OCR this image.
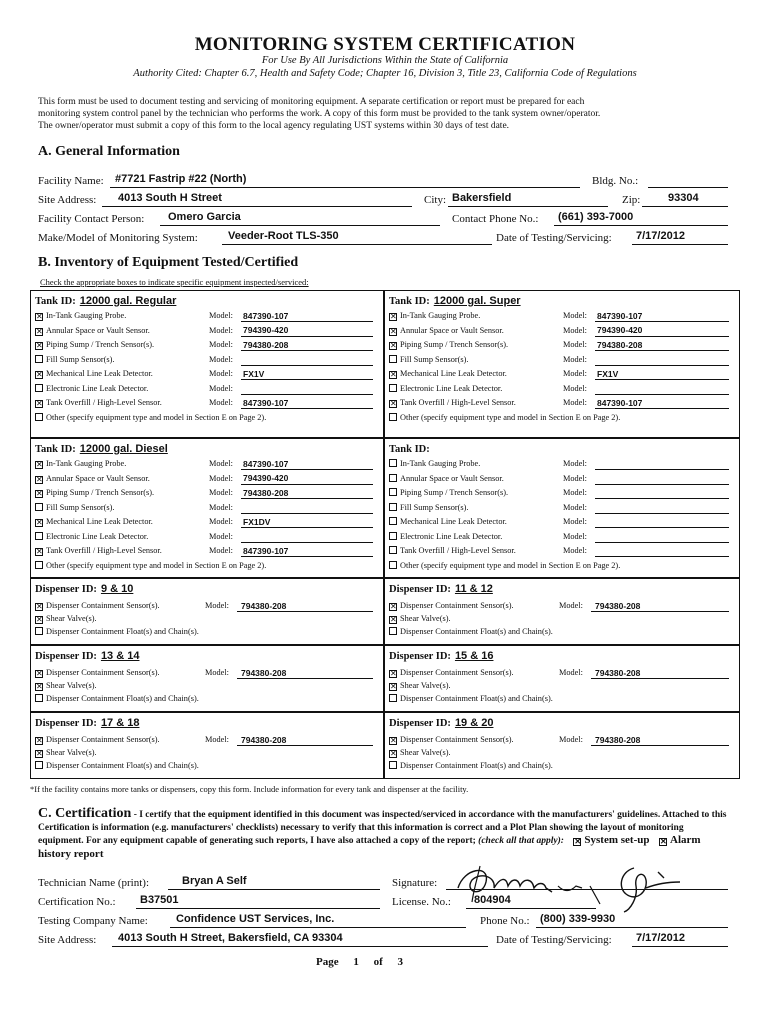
MONITORING SYSTEM CERTIFICATION
For Use By All Jurisdictions Within the State of California
Authority Cited: Chapter 6.7, Health and Safety Code; Chapter 16, Division 3, Title 23, California Code of Regulations
This form must be used to document testing and servicing of monitoring equipment. A separate certification or report must be prepared for each
monitoring system control panel by the technician who performs the work. A copy of this form must be provided to the tank system owner/operator.
The owner/operator must submit a copy of this form to the local agency regulating UST systems within 30 days of test date.
A. General Information
Facility Name: #7721 Fastrip #22 (North)	Bldg. No.:
Site Address: 4013 South H Street	City: Bakersfield	Zip:	93304
Facility Contact Person: Omero Garcia	Contact Phone No.: (661) 393-7000
Make/Model of Monitoring System:	Veeder-Root TLS-350	Date of Testing/Servicing: 7/17/2012
B. Inventory of Equipment Tested/Certified
Check the appropriate boxes to indicate specific equipment inspected/serviced:
Tank ID: 12000 gal. Regular
✕ In-Tank Gauging Probe.	Model: 847390-107
✕ Annular Space or Vault Sensor.	Model: 794390-420
✕ Piping Sump / Trench Sensor(s).	Model: 794380-208
Fill Sump Sensor(s).	Model:
✕ Mechanical Line Leak Detector.	Model: FX1V
Electronic Line Leak Detector.	Model:
✕ Tank Overfill / High-Level Sensor.	Model: 847390-107
Other (specify equipment type and model in Section E on Page 2).
Tank ID: 12000 gal. Super
✕ In-Tank Gauging Probe.	Model: 847390-107
✕ Annular Space or Vault Sensor.	Model: 794390-420
✕ Piping Sump / Trench Sensor(s).	Model: 794380-208
Fill Sump Sensor(s).	Model:
✕ Mechanical Line Leak Detector.	Model: FX1V
Electronic Line Leak Detector.	Model:
✕ Tank Overfill / High-Level Sensor.	Model: 847390-107
Other (specify equipment type and model in Section E on Page 2).
Tank ID: 12000 gal. Diesel
✕ In-Tank Gauging Probe.	Model: 847390-107
✕ Annular Space or Vault Sensor.	Model: 794390-420
✕ Piping Sump / Trench Sensor(s).	Model: 794380-208
Fill Sump Sensor(s).	Model:
✕ Mechanical Line Leak Detector.	Model: FX1DV
Electronic Line Leak Detector.	Model:
✕ Tank Overfill / High-Level Sensor.	Model: 847390-107
Other (specify equipment type and model in Section E on Page 2).
Tank ID:
In-Tank Gauging Probe.	Model:
Annular Space or Vault Sensor.	Model:
Piping Sump / Trench Sensor(s).	Model:
Fill Sump Sensor(s).	Model:
Mechanical Line Leak Detector.	Model:
Electronic Line Leak Detector.	Model:
Tank Overfill / High-Level Sensor.	Model:
Other (specify equipment type and model in Section E on Page 2).
Dispenser ID: 9 & 10
✕ Dispenser Containment Sensor(s).	Model: 794380-208
✕ Shear Valve(s).
Dispenser Containment Float(s) and Chain(s).
Dispenser ID: 11 & 12
✕ Dispenser Containment Sensor(s).	Model: 794380-208
✕ Shear Valve(s).
Dispenser Containment Float(s) and Chain(s).
Dispenser ID: 13 & 14
✕ Dispenser Containment Sensor(s).	Model: 794380-208
✕ Shear Valve(s).
Dispenser Containment Float(s) and Chain(s).
Dispenser ID: 15 & 16
✕ Dispenser Containment Sensor(s).	Model: 794380-208
✕ Shear Valve(s).
Dispenser Containment Float(s) and Chain(s).
Dispenser ID: 17 & 18
✕ Dispenser Containment Sensor(s).	Model: 794380-208
✕ Shear Valve(s).
Dispenser Containment Float(s) and Chain(s).
Dispenser ID: 19 & 20
✕ Dispenser Containment Sensor(s).	Model: 794380-208
✕ Shear Valve(s).
Dispenser Containment Float(s) and Chain(s).
*If the facility contains more tanks or dispensers, copy this form. Include information for every tank and dispenser at the facility.
C. Certification - I certify that the equipment identified in this document was inspected/serviced in accordance with the manufacturers' guidelines. Attached to this Certification is information (e.g. manufacturers' checklists) necessary to verify that this information is correct and a Plot Plan showing the layout of monitoring equipment. For any equipment capable of generating such reports, I have also attached a copy of the report; (check all that apply): ✕ System set-up ✕ Alarm history report
Technician Name (print):	Bryan A Self	Signature:
Certification No.: B37501	License. No.: 804904
Testing Company Name:	Confidence UST Services, Inc.	Phone No.: (800) 339-9930
Site Address: 4013 South H Street, Bakersfield, CA 93304	Date of Testing/Servicing: 7/17/2012
Page 1 of 3
